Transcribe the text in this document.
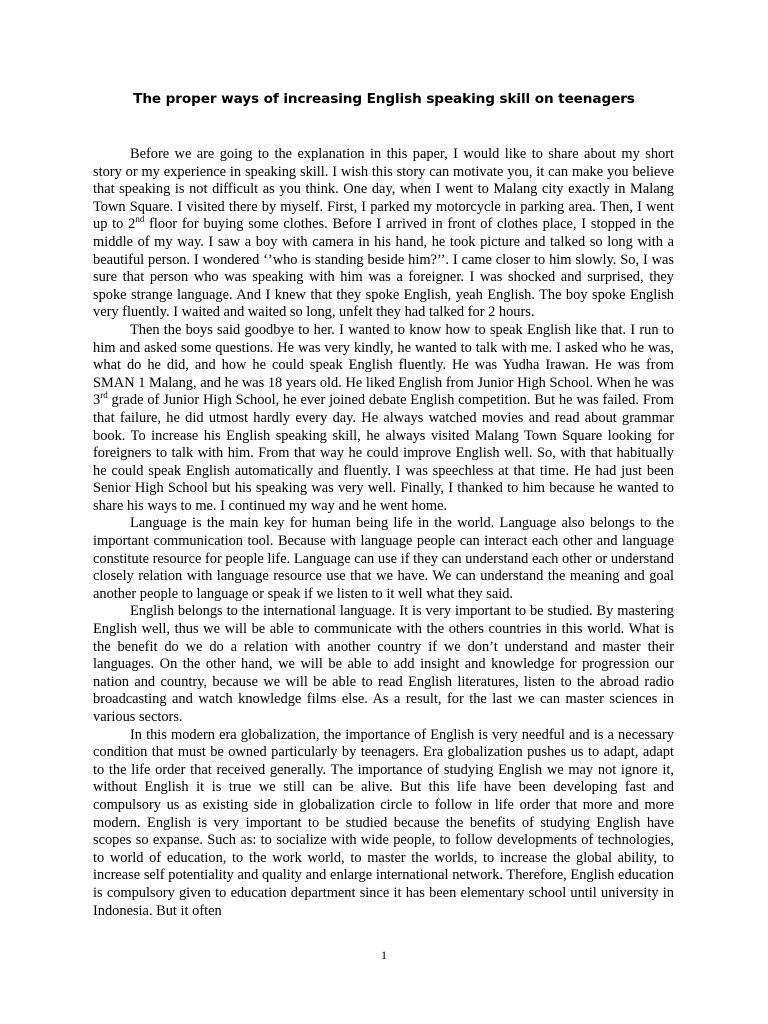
The proper ways of increasing English speaking skill on teenagers

Before we are going to the explanation in this paper, I would like to share about my short story or my experience in speaking skill. I wish this story can motivate you, it can make you believe that speaking is not difficult as you think. One day, when I went to Malang city exactly in Malang Town Square. I visited there by myself. First, I parked my motorcycle in parking area. Then, I went up to 2nd floor for buying some clothes. Before I arrived in front of clothes place, I stopped in the middle of my way. I saw a boy with camera in his hand, he took picture and talked so long with a beautiful person. I wondered ‘’who is standing beside him?’’. I came closer to him slowly. So, I was sure that person who was speaking with him was a foreigner. I was shocked and surprised, they spoke strange language. And I knew that they spoke English, yeah English. The boy spoke English very fluently. I waited and waited so long, unfelt they had talked for 2 hours.

Then the boys said goodbye to her. I wanted to know how to speak English like that. I run to him and asked some questions. He was very kindly, he wanted to talk with me. I asked who he was, what do he did, and how he could speak English fluently. He was Yudha Irawan. He was from SMAN 1 Malang, and he was 18 years old. He liked English from Junior High School. When he was 3rd grade of Junior High School, he ever joined debate English competition. But he was failed. From that failure, he did utmost hardly every day. He always watched movies and read about grammar book. To increase his English speaking skill, he always visited Malang Town Square looking for foreigners to talk with him. From that way he could improve English well. So, with that habitually he could speak English automatically and fluently. I was speechless at that time. He had just been Senior High School but his speaking was very well. Finally, I thanked to him because he wanted to share his ways to me. I continued my way and he went home.

Language is the main key for human being life in the world. Language also belongs to the important communication tool. Because with language people can interact each other and language constitute resource for people life. Language can use if they can understand each other or understand closely relation with language resource use that we have. We can understand the meaning and goal another people to language or speak if we listen to it well what they said.

English belongs to the international language. It is very important to be studied. By mastering English well, thus we will be able to communicate with the others countries in this world. What is the benefit do we do a relation with another country if we don’t understand and master their languages. On the other hand, we will be able to add insight and knowledge for progression our nation and country, because we will be able to read English literatures, listen to the abroad radio broadcasting and watch knowledge films else. As a result, for the last we can master sciences in various sectors.

In this modern era globalization, the importance of English is very needful and is a necessary condition that must be owned particularly by teenagers. Era globalization pushes us to adapt, adapt to the life order that received generally. The importance of studying English we may not ignore it, without English it is true we still can be alive. But this life have been developing fast and compulsory us as existing side in globalization circle to follow in life order that more and more modern. English is very important to be studied because the benefits of studying English have scopes so expanse. Such as: to socialize with wide people, to follow developments of technologies, to world of education, to the work world, to master the worlds, to increase the global ability, to increase self potentiality and quality and enlarge international network. Therefore, English education is compulsory given to education department since it has been elementary school until university in Indonesia. But it often

1
